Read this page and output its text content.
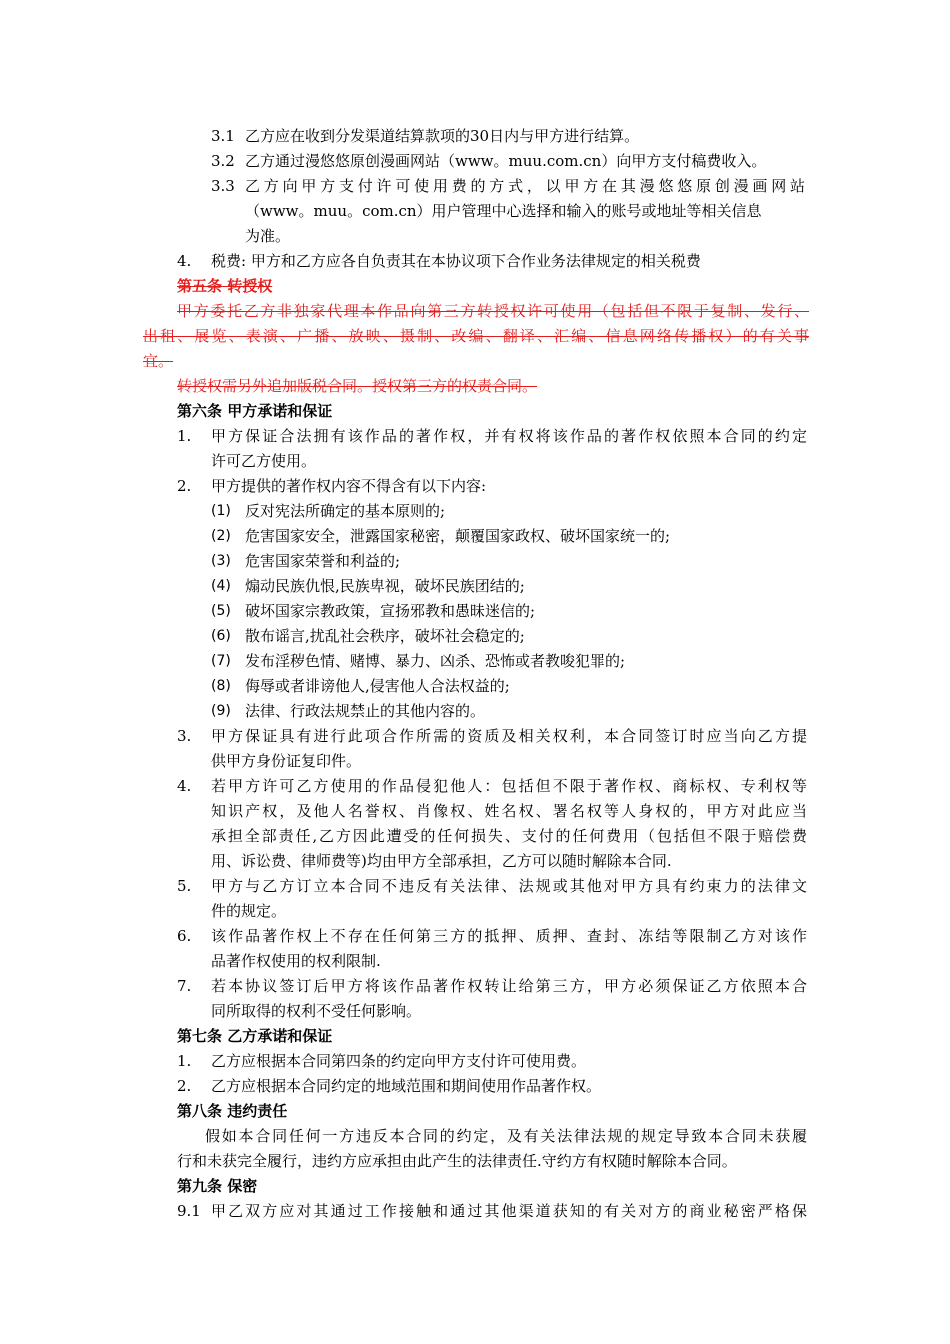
3.1 乙方应在收到分发渠道结算款项的30日内与甲方进行结算。
3.2 乙方通过漫悠悠原创漫画网站（www。muu.com.cn）向甲方支付稿费收入。
3.3 乙方向甲方支付许可使用费的方式，以甲方在其漫悠悠原创漫画网站
（www。muu。com.cn）用户管理中心选择和输入的账号或地址等相关信息
为准。
4. 税费: 甲方和乙方应各自负责其在本协议项下合作业务法律规定的相关税费
第五条 转授权
甲方委托乙方非独家代理本作品向第三方转授权许可使用（包括但不限于复制、发行、
出租、展览、表演、广播、放映、摄制、改编、翻译、汇编、信息网络传播权）的有关事
宜。
转授权需另外追加版税合同。授权第三方的权责合同。
第六条 甲方承诺和保证
1. 甲方保证合法拥有该作品的著作权，并有权将该作品的著作权依照本合同的约定
许可乙方使用。
2. 甲方提供的著作权内容不得含有以下内容:
(1) 反对宪法所确定的基本原则的;
(2) 危害国家安全，泄露国家秘密，颠覆国家政权、破坏国家统一的;
(3) 危害国家荣誉和利益的;
(4) 煽动民族仇恨,民族卑视，破坏民族团结的;
(5) 破坏国家宗教政策，宣扬邪教和愚昧迷信的;
(6) 散布谣言,扰乱社会秩序，破坏社会稳定的;
(7) 发布淫秽色情、赌博、暴力、凶杀、恐怖或者教唆犯罪的;
(8) 侮辱或者诽谤他人,侵害他人合法权益的;
(9) 法律、行政法规禁止的其他内容的。
3. 甲方保证具有进行此项合作所需的资质及相关权利，本合同签订时应当向乙方提
供甲方身份证复印件。
4. 若甲方许可乙方使用的作品侵犯他人：包括但不限于著作权、商标权、专利权等
知识产权，及他人名誉权、肖像权、姓名权、署名权等人身权的，甲方对此应当
承担全部责任,乙方因此遭受的任何损失、支付的任何费用（包括但不限于赔偿费
用、诉讼费、律师费等)均由甲方全部承担，乙方可以随时解除本合同.
5. 甲方与乙方订立本合同不违反有关法律、法规或其他对甲方具有约束力的法律文
件的规定。
6. 该作品著作权上不存在任何第三方的抵押、质押、查封、冻结等限制乙方对该作
品著作权使用的权利限制.
7. 若本协议签订后甲方将该作品著作权转让给第三方，甲方必须保证乙方依照本合
同所取得的权利不受任何影响。
第七条 乙方承诺和保证
1. 乙方应根据本合同第四条的约定向甲方支付许可使用费。
2. 乙方应根据本合同约定的地域范围和期间使用作品著作权。
第八条 违约责任
假如本合同任何一方违反本合同的约定，及有关法律法规的规定导致本合同未获履
行和未获完全履行，违约方应承担由此产生的法律责任.守约方有权随时解除本合同。
第九条 保密
9.1 甲乙双方应对其通过工作接触和通过其他渠道获知的有关对方的商业秘密严格保
